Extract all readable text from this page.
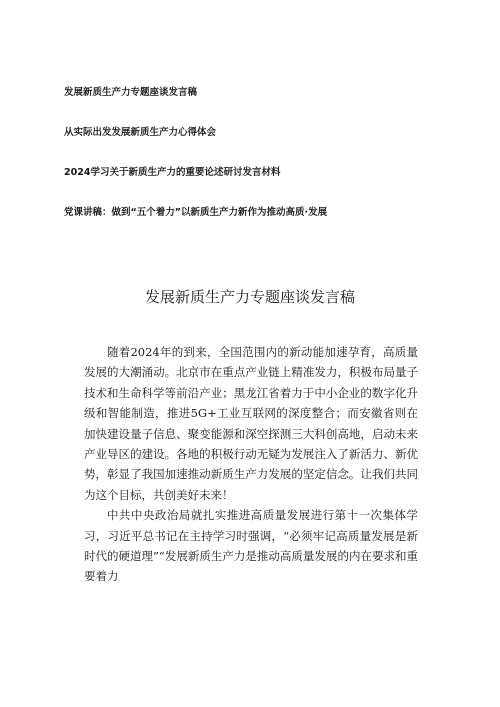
发展新质生产力专题座谈发言稿
从实际出发发展新质生产力心得体会
2024学习关于新质生产力的重要论述研讨发言材料
党课讲稿：做到“五个着力”以新质生产力新作为推动高质·发展
发展新质生产力专题座谈发言稿

随着2024年的到来，全国范围内的新动能加速孕育，高质量发展的大潮涌动。北京市在重点产业链上精准发力，积极布局量子技术和生命科学等前沿产业；黑龙江省着力于中小企业的数字化升级和智能制造，推进5G+工业互联网的深度整合；而安徽省则在加快建设量子信息、聚变能源和深空探测三大科创高地，启动未来产业导区的建设。各地的积极行动无疑为发展注入了新活力、新优势，彰显了我国加速推动新质生产力发展的坚定信念。让我们共同为这个目标，共创美好未来！

中共中央政治局就扎实推进高质量发展进行第十一次集体学习，习近平总书记在主持学习时强调，“必须牢记高质量发展是新时代的硬道理”“发展新质生产力是推动高质量发展的内在要求和重要着力
